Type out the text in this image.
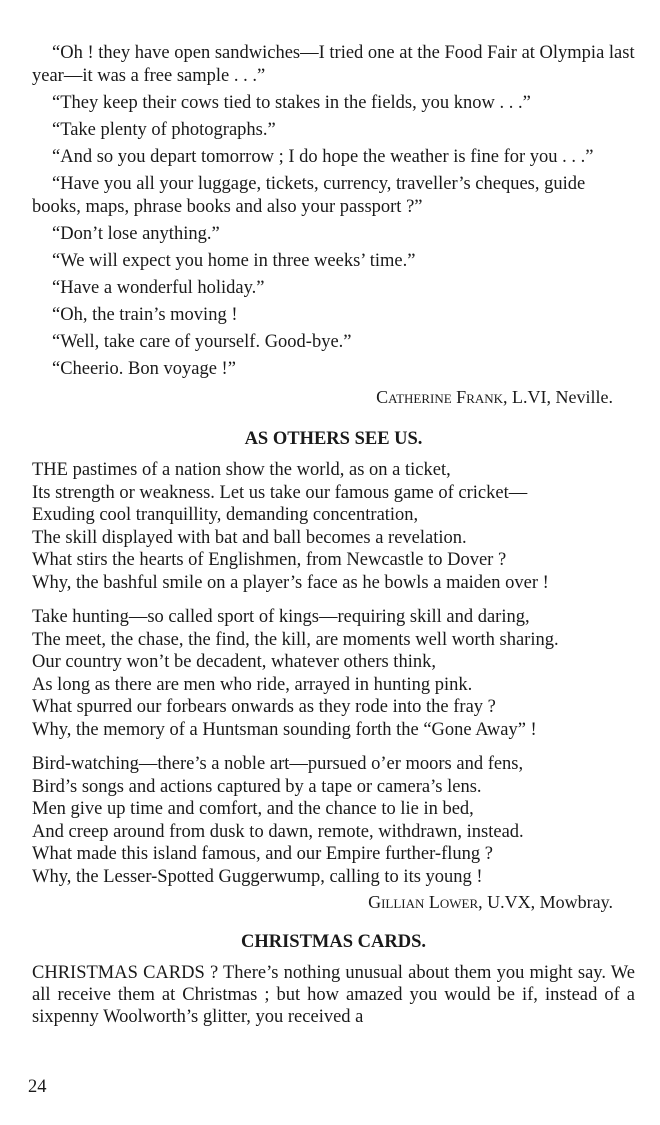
“Oh ! they have open sandwiches—I tried one at the Food Fair at Olympia last year—it was a free sample . . .”

“They keep their cows tied to stakes in the fields, you know . . .”

“Take plenty of photographs.”

“And so you depart tomorrow ; I do hope the weather is fine for you . . .”

“Have you all your luggage, tickets, currency, traveller’s cheques, guide books, maps, phrase books and also your passport ?”

“Don’t lose anything.”

“We will expect you home in three weeks’ time.”

“Have a wonderful holiday.”

“Oh, the train’s moving !

“Well, take care of yourself. Good-bye.”

“Cheerio. Bon voyage !”

Catherine Frank, L.VI, Neville.

AS OTHERS SEE US.

THE pastimes of a nation show the world, as on a ticket,

Its strength or weakness. Let us take our famous game of cricket—

Exuding cool tranquillity, demanding concentration,

The skill displayed with bat and ball becomes a revelation.

What stirs the hearts of Englishmen, from Newcastle to Dover ?

Why, the bashful smile on a player’s face as he bowls a maiden over !

Take hunting—so called sport of kings—requiring skill and daring,

The meet, the chase, the find, the kill, are moments well worth sharing.

Our country won’t be decadent, whatever others think,

As long as there are men who ride, arrayed in hunting pink.

What spurred our forbears onwards as they rode into the fray ?

Why, the memory of a Huntsman sounding forth the “Gone Away” !

Bird-watching—there’s a noble art—pursued o’er moors and fens,

Bird’s songs and actions captured by a tape or camera’s lens.

Men give up time and comfort, and the chance to lie in bed,

And creep around from dusk to dawn, remote, withdrawn, instead.

What made this island famous, and our Empire further-flung ?

Why, the Lesser-Spotted Guggerwump, calling to its young !

Gillian Lower, U.VX, Mowbray.

CHRISTMAS CARDS.

CHRISTMAS CARDS ? There’s nothing unusual about them you might say. We all receive them at Christmas ; but how amazed you would be if, instead of a sixpenny Woolworth’s glitter, you received a

24
